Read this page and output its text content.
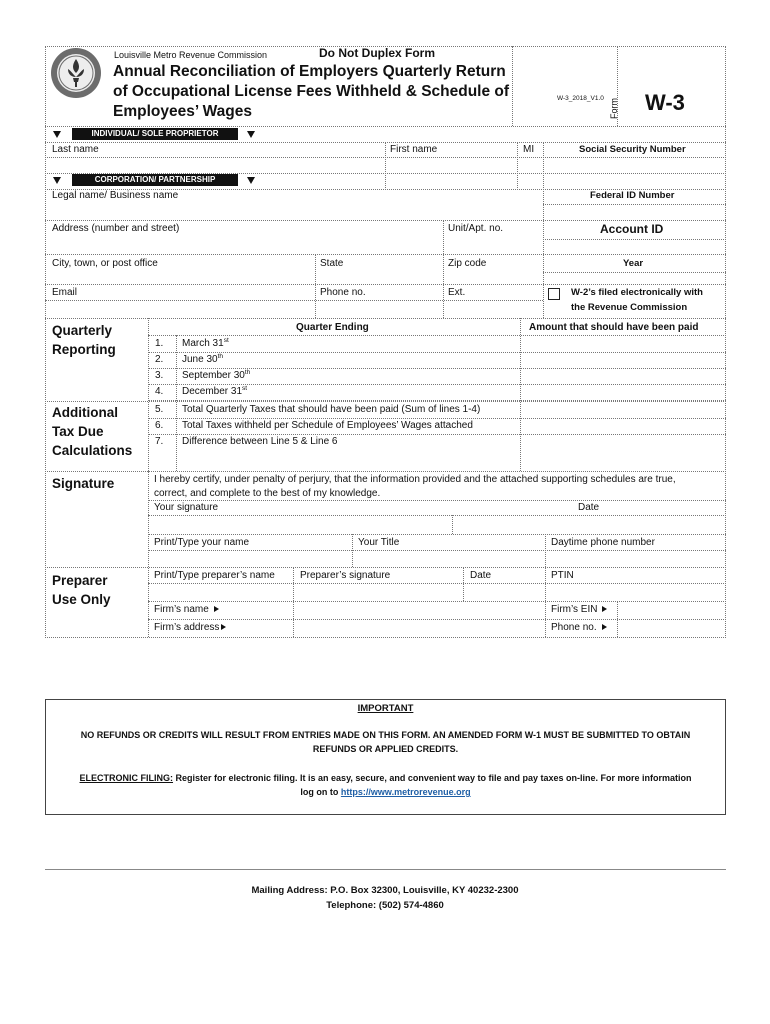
Louisville Metro Revenue Commission	Do Not Duplex Form
Annual Reconciliation of Employers Quarterly Return
of Occupational License Fees Withheld & Schedule of
Employees’ Wages
W-3_2018_V1.0 Form W-3
INDIVIDUAL/ SOLE PROPRIETOR
Last name	First name	MI	Social Security Number
CORPORATION/ PARTNERSHIP
Legal name/ Business name	Federal ID Number
Address (number and street)	Unit/Apt. no.	Account ID
City, town, or post office	State	Zip code	Year
Email	Phone no.	Ext.	W-2’s filed electronically with
the Revenue Commission
Quarterly
Reporting
Additional
Tax Due
Calculations
Quarter Ending	Amount that should have been paid
1. March 31st
2. June 30th
3. September 30th
4. December 31st
5. Total Quarterly Taxes that should have been paid (Sum of lines 1-4)
6. Total Taxes withheld per Schedule of Employees’ Wages attached
7. Difference between Line 5 & Line 6
Signature	I hereby certify, under penalty of perjury, that the information provided and the attached supporting schedules are true,
correct, and complete to the best of my knowledge.
Your signature	Date
Print/Type your name	Your Title	Daytime phone number
Preparer
Use Only
Print/Type preparer’s name	Preparer’s signature	Date	PTIN
Firm’s name	Firm’s EIN
Firm’s address	Phone no.
IMPORTANT
NO REFUNDS OR CREDITS WILL RESULT FROM ENTRIES MADE ON THIS FORM. AN AMENDED FORM W-1 MUST BE SUBMITTED TO OBTAIN
REFUNDS OR APPLIED CREDITS.
ELECTRONIC FILING: Register for electronic filing. It is an easy, secure, and convenient way to file and pay taxes on-line. For more information
log on to https://www.metrorevenue.org
Mailing Address: P.O. Box 32300, Louisville, KY 40232-2300
Telephone: (502) 574-4860
